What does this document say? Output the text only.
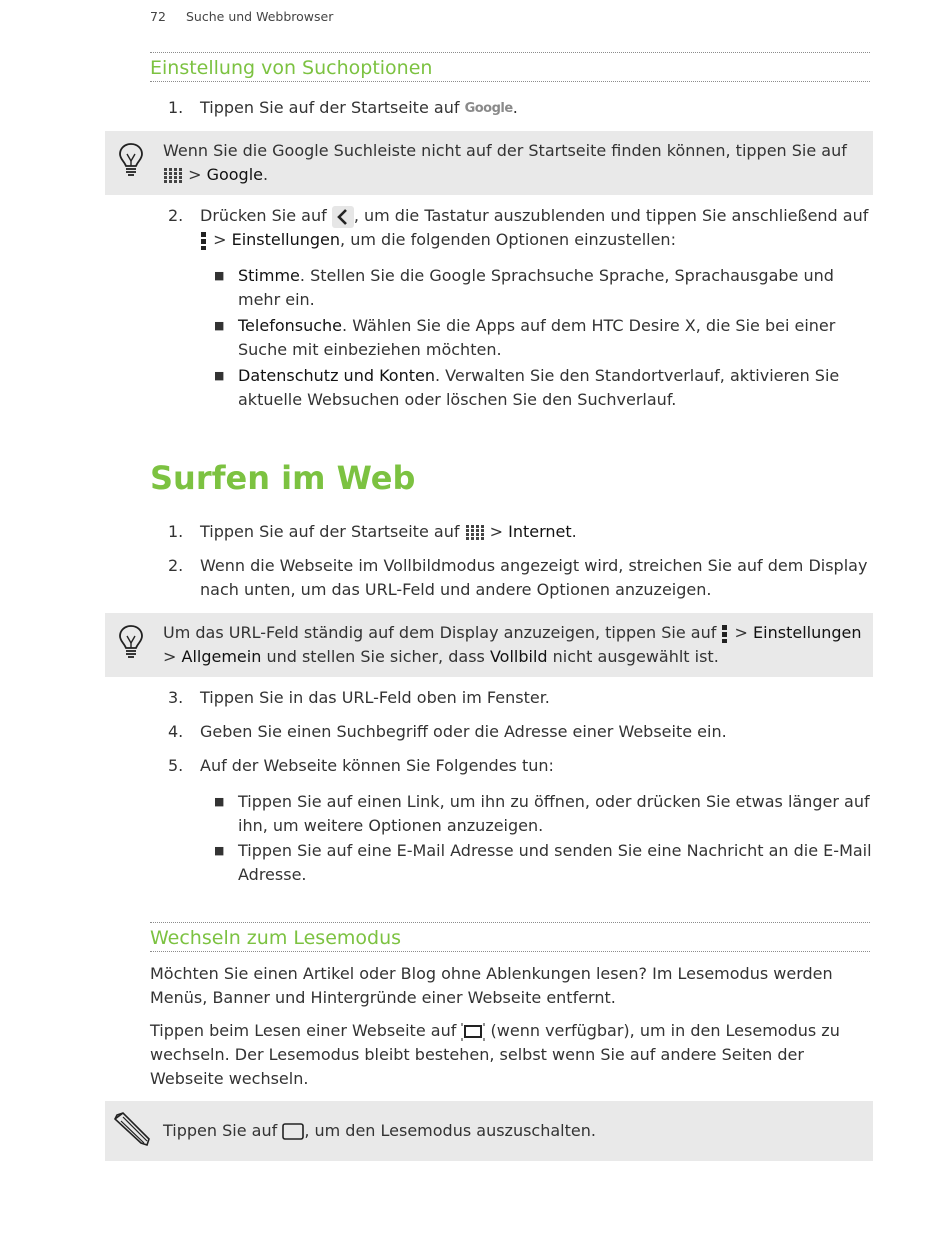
72 Suche und Webbrowser
Einstellung von Suchoptionen
1.	Tippen Sie auf der Startseite auf Google.
Wenn Sie die Google Suchleiste nicht auf der Startseite finden können, tippen Sie auf  > Google.
2.	Drücken Sie auf , um die Tastatur auszublenden und tippen Sie anschließend auf  > Einstellungen, um die folgenden Optionen einzustellen:
■ Stimme. Stellen Sie die Google Sprachsuche Sprache, Sprachausgabe und mehr ein.
■ Telefonsuche. Wählen Sie die Apps auf dem HTC Desire X, die Sie bei einer Suche mit einbeziehen möchten.
■ Datenschutz und Konten. Verwalten Sie den Standortverlauf, aktivieren Sie aktuelle Websuchen oder löschen Sie den Suchverlauf.
Surfen im Web
1.	Tippen Sie auf der Startseite auf  > Internet.
2.	Wenn die Webseite im Vollbildmodus angezeigt wird, streichen Sie auf dem Display nach unten, um das URL-Feld und andere Optionen anzuzeigen.
Um das URL-Feld ständig auf dem Display anzuzeigen, tippen Sie auf  > Einstellungen > Allgemein und stellen Sie sicher, dass Vollbild nicht ausgewählt ist.
3.	Tippen Sie in das URL-Feld oben im Fenster.
4.	Geben Sie einen Suchbegriff oder die Adresse einer Webseite ein.
5.	Auf der Webseite können Sie Folgendes tun:
■ Tippen Sie auf einen Link, um ihn zu öffnen, oder drücken Sie etwas länger auf ihn, um weitere Optionen anzuzeigen.
■ Tippen Sie auf eine E-Mail Adresse und senden Sie eine Nachricht an die E-Mail Adresse.
Wechseln zum Lesemodus
Möchten Sie einen Artikel oder Blog ohne Ablenkungen lesen? Im Lesemodus werden Menüs, Banner und Hintergründe einer Webseite entfernt.
Tippen beim Lesen einer Webseite auf  (wenn verfügbar), um in den Lesemodus zu wechseln. Der Lesemodus bleibt bestehen, selbst wenn Sie auf andere Seiten der Webseite wechseln.
Tippen Sie auf , um den Lesemodus auszuschalten.
